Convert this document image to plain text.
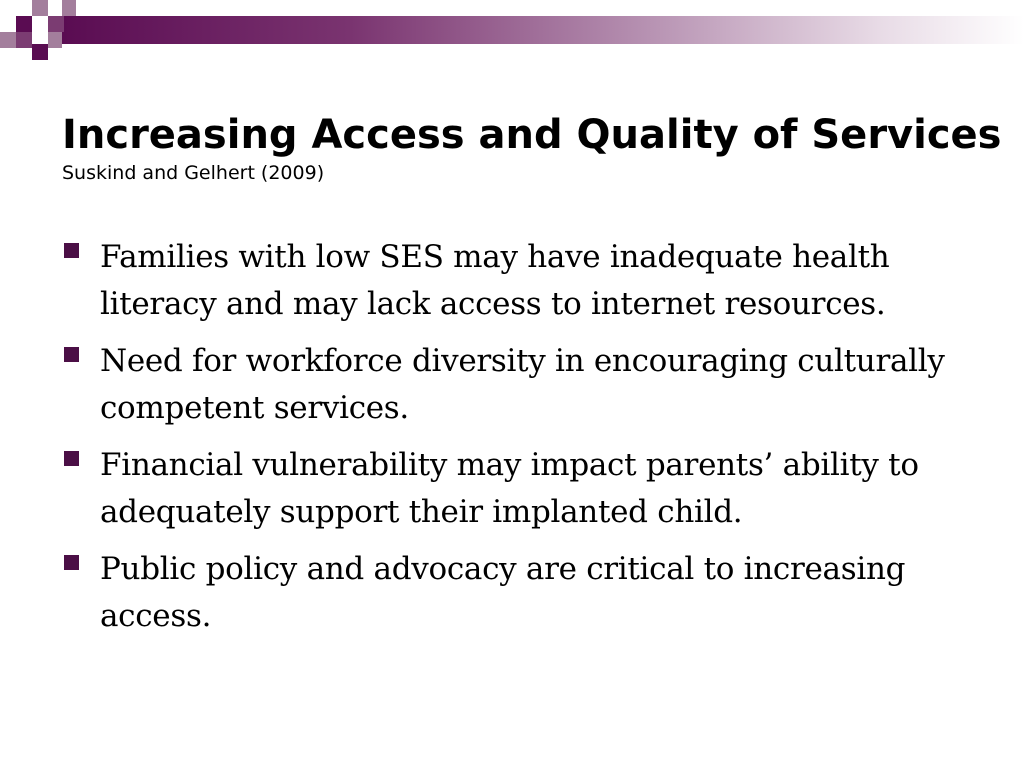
Increasing Access and Quality of Services

Suskind and Gelhert (2009)

Families with low SES may have inadequate health literacy and may lack access to internet resources.
Need for workforce diversity in encouraging culturally competent services.
Financial vulnerability may impact parents’ ability to adequately support their implanted child.
Public policy and advocacy are critical to increasing access.
